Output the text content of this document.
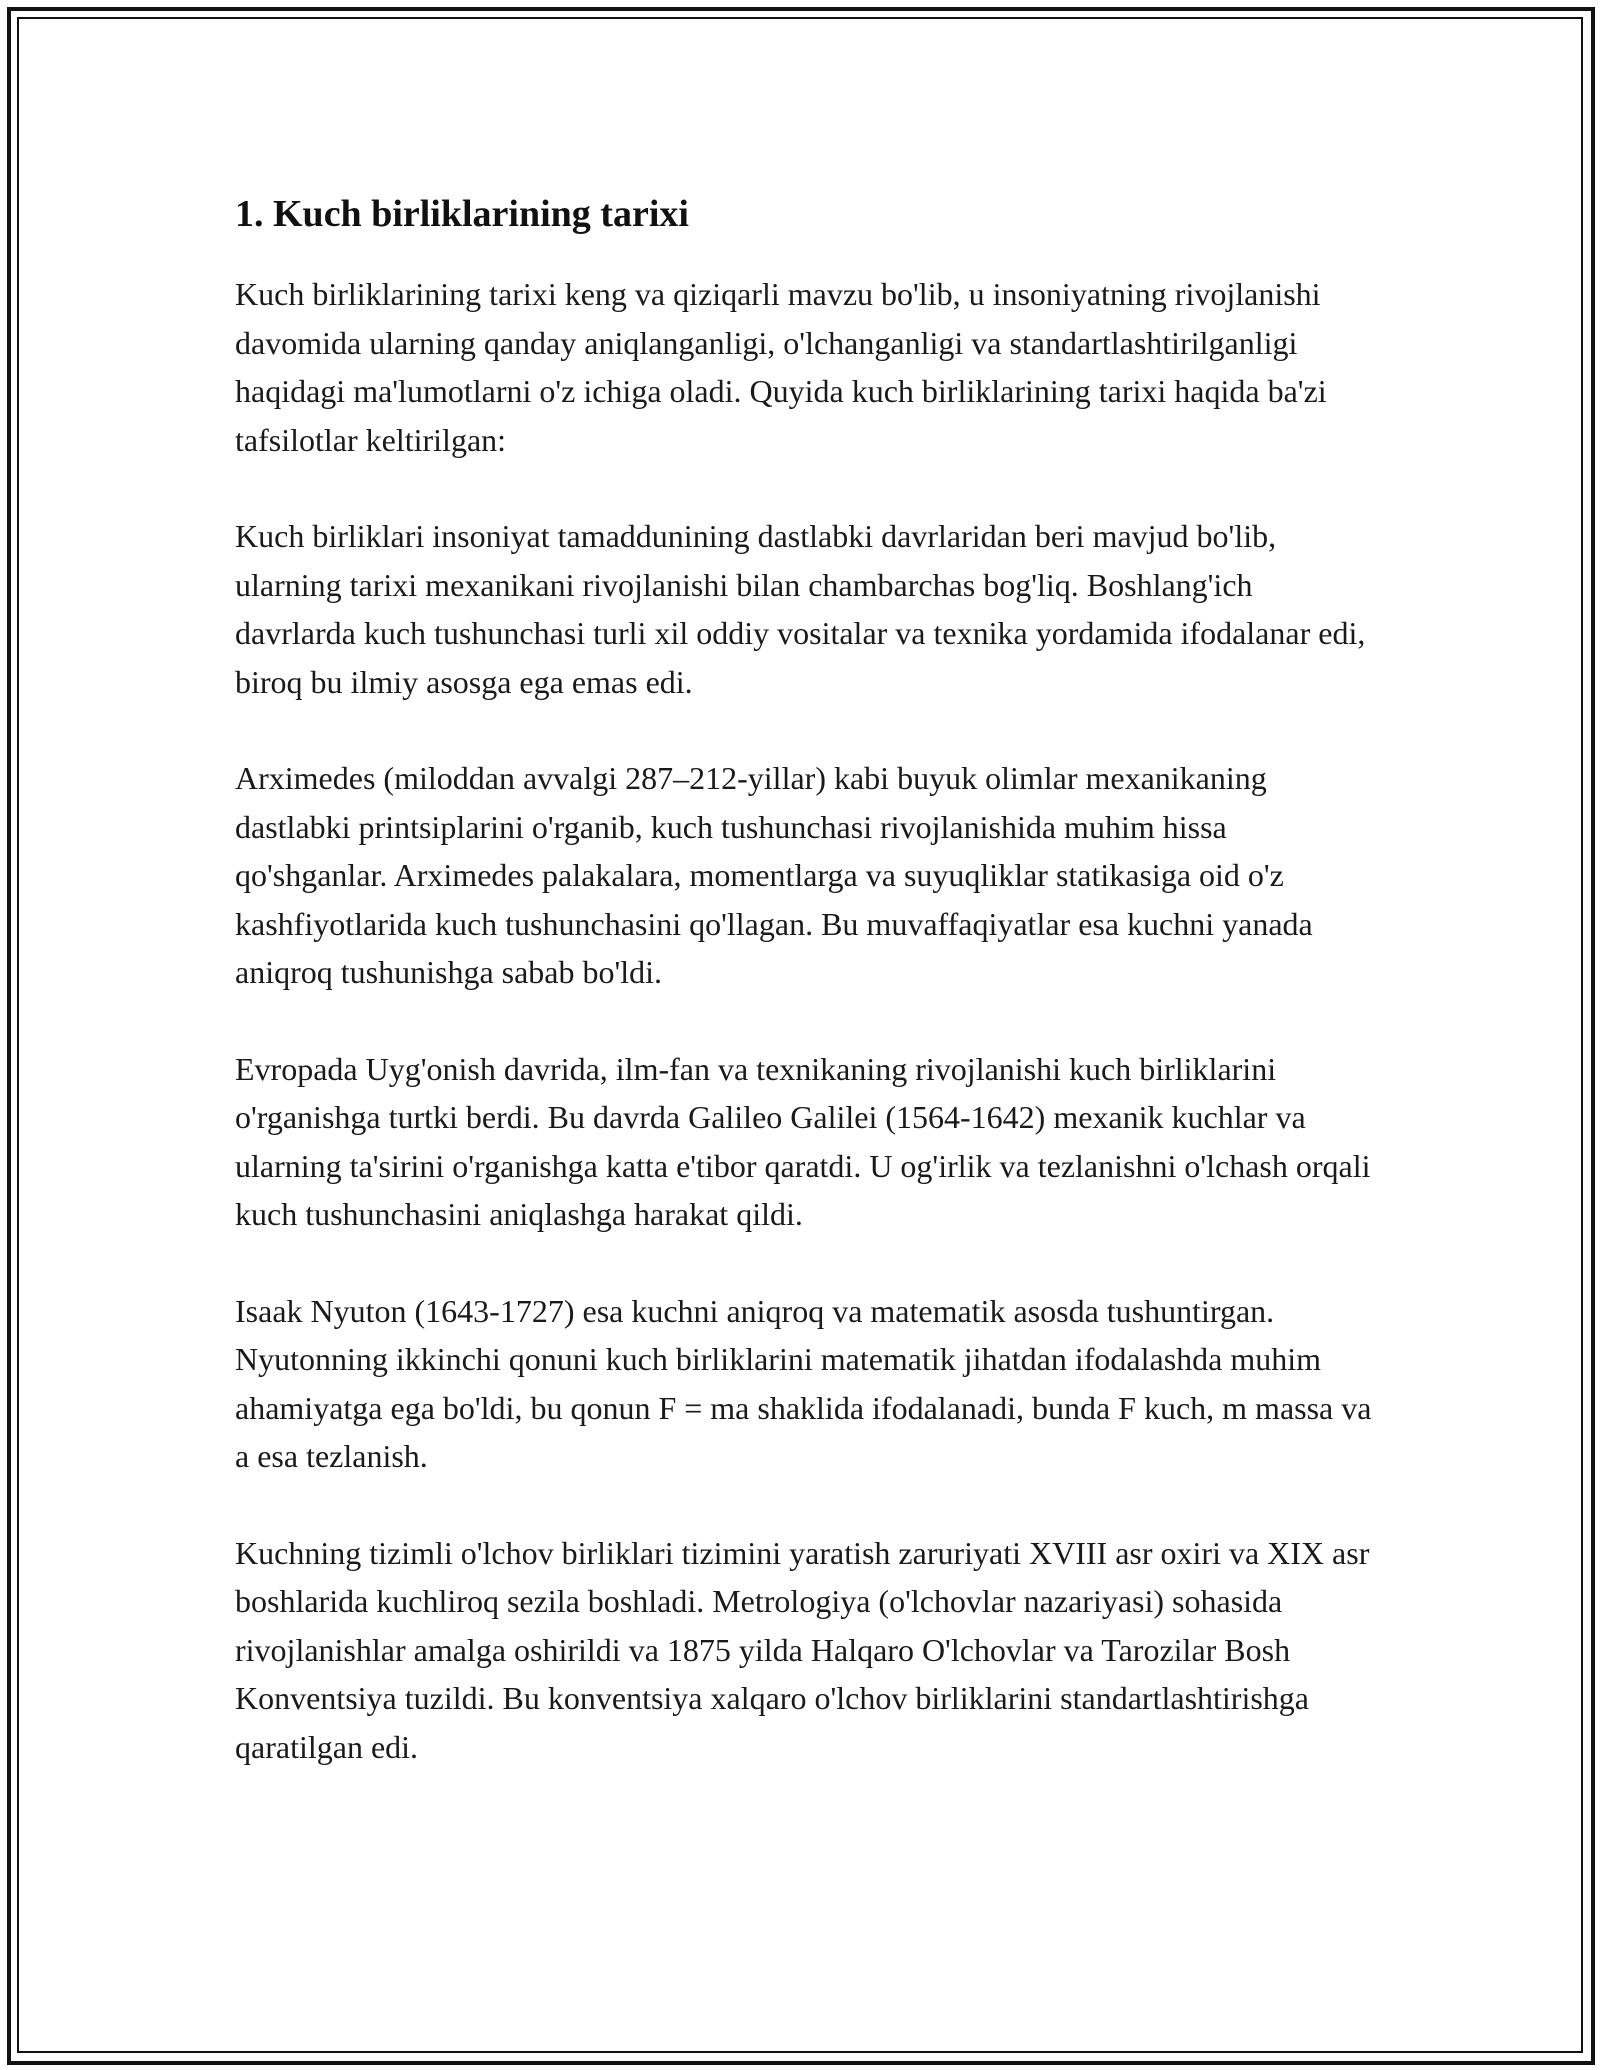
1. Kuch birliklarining tarixi

Kuch birliklarining tarixi keng va qiziqarli mavzu bo'lib, u insoniyatning rivojlanishi davomida ularning qanday aniqlanganligi, o'lchanganligi va standartlashtirilganligi haqidagi ma'lumotlarni o'z ichiga oladi. Quyida kuch birliklarining tarixi haqida ba'zi tafsilotlar keltirilgan:

Kuch birliklari insoniyat tamaddunining dastlabki davrlaridan beri mavjud bo'lib, ularning tarixi mexanikani rivojlanishi bilan chambarchas bog'liq. Boshlang'ich davrlarda kuch tushunchasi turli xil oddiy vositalar va texnika yordamida ifodalanar edi, biroq bu ilmiy asosga ega emas edi.

Arximedes (miloddan avvalgi 287–212-yillar) kabi buyuk olimlar mexanikaning dastlabki printsiplarini o'rganib, kuch tushunchasi rivojlanishida muhim hissa qo'shganlar. Arximedes palakalara, momentlarga va suyuqliklar statikasiga oid o'z kashfiyotlarida kuch tushunchasini qo'llagan. Bu muvaffaqiyatlar esa kuchni yanada aniqroq tushunishga sabab bo'ldi.

Evropada Uyg'onish davrida, ilm-fan va texnikaning rivojlanishi kuch birliklarini o'rganishga turtki berdi. Bu davrda Galileo Galilei (1564-1642) mexanik kuchlar va ularning ta'sirini o'rganishga katta e'tibor qaratdi. U og'irlik va tezlanishni o'lchash orqali kuch tushunchasini aniqlashga harakat qildi.

Isaak Nyuton (1643-1727) esa kuchni aniqroq va matematik asosda tushuntirgan. Nyutonning ikkinchi qonuni kuch birliklarini matematik jihatdan ifodalashda muhim ahamiyatga ega bo'ldi, bu qonun F = ma shaklida ifodalanadi, bunda F kuch, m massa va a esa tezlanish.

Kuchning tizimli o'lchov birliklari tizimini yaratish zaruriyati XVIII asr oxiri va XIX asr boshlarida kuchliroq sezila boshladi. Metrologiya (o'lchovlar nazariyasi) sohasida rivojlanishlar amalga oshirildi va 1875 yilda Halqaro O'lchovlar va Tarozilar Bosh Konventsiya tuzildi. Bu konventsiya xalqaro o'lchov birliklarini standartlashtirishga qaratilgan edi.
